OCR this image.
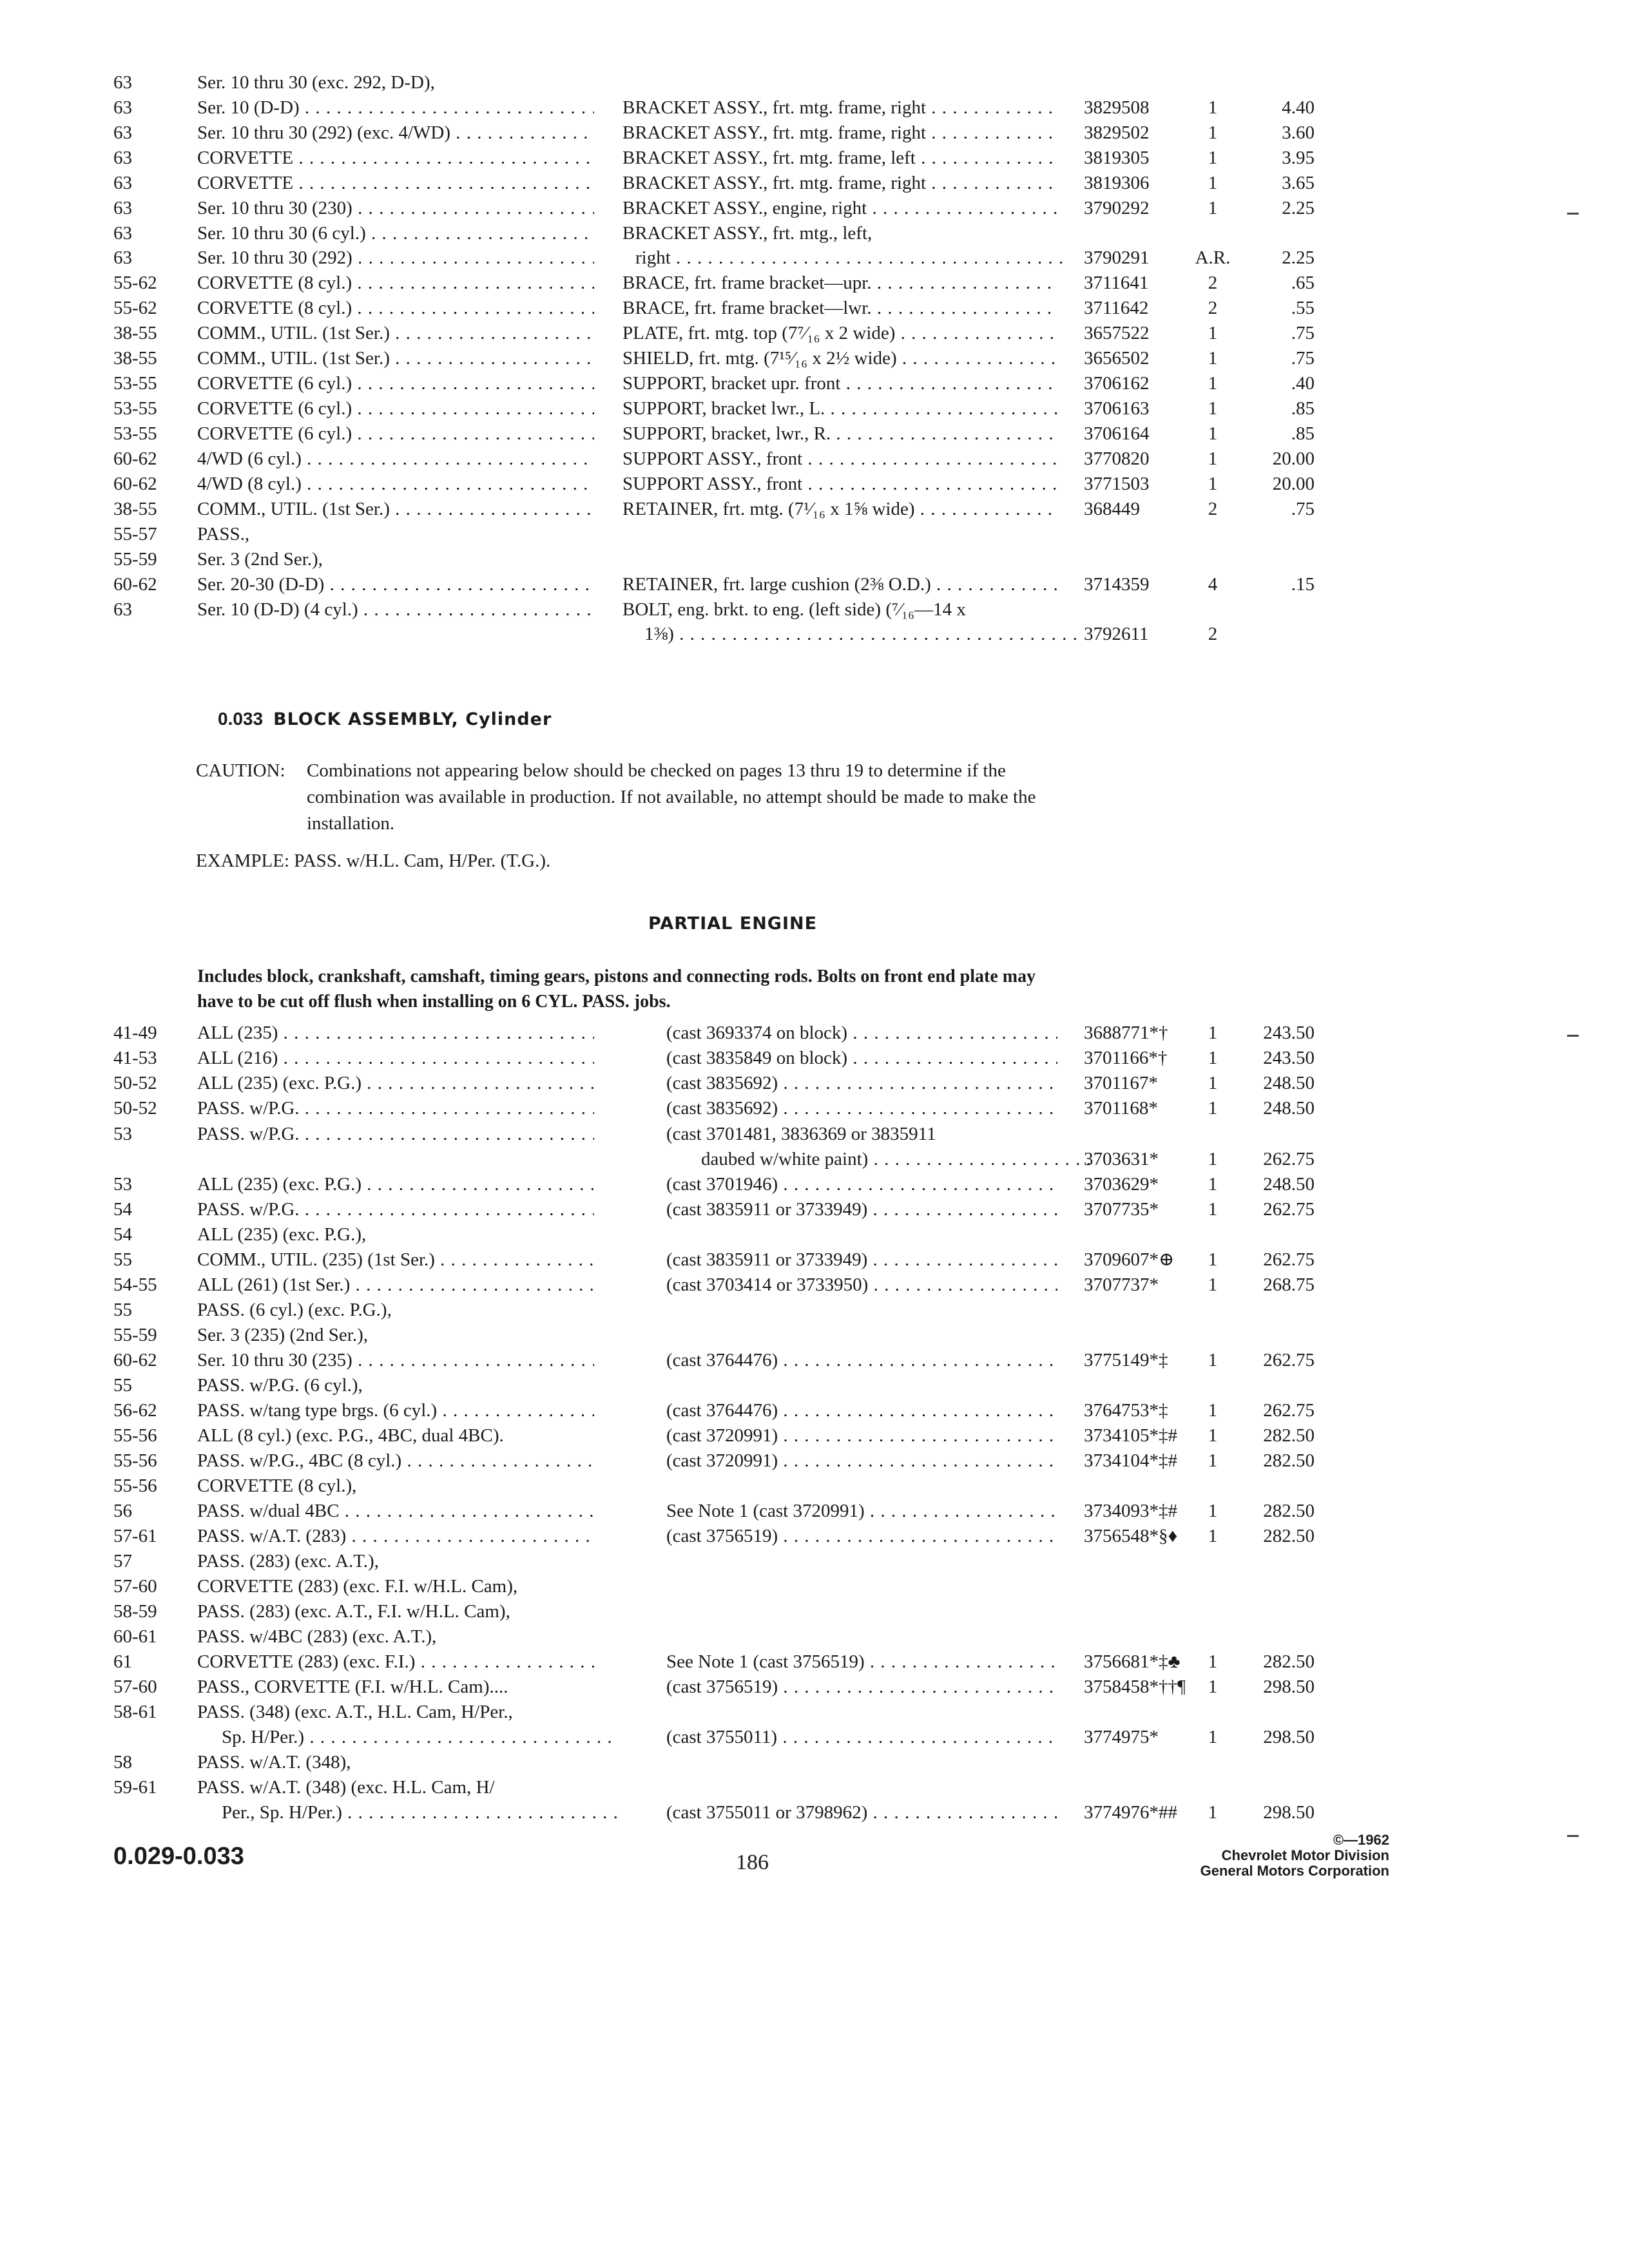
63	Ser. 10 thru 30 (exc. 292, D-D),
63	Ser. 10 (D-D) . . .	BRACKET ASSY., frt. mtg. frame, right . . .	3829508	1	4.40
63	Ser. 10 thru 30 (292) (exc. 4/WD) . . .	BRACKET ASSY., frt. mtg. frame, right . . .	3829502	1	3.60
63	CORVETTE . . .	BRACKET ASSY., frt. mtg. frame, left . . .	3819305	1	3.95
63	CORVETTE . . .	BRACKET ASSY., frt. mtg. frame, right . . .	3819306	1	3.65
63	Ser. 10 thru 30 (230) . . .	BRACKET ASSY., engine, right . . .	3790292	1	2.25
63	Ser. 10 thru 30 (6 cyl.) . . .	BRACKET ASSY., frt. mtg., left,
63	Ser. 10 thru 30 (292) . . .	right . . .	3790291 A.R.	2.25
55-62 CORVETTE (8 cyl.) . . .	BRACE, frt. frame bracket—upr. . . .	3711641	2	.65
55-62 CORVETTE (8 cyl.) . . .	BRACE, frt. frame bracket—lwr. . . .	3711642	2	.55
38-55 COMM., UTIL. (1st Ser.) . . .	PLATE, frt. mtg. top (7⁷⁄₁₆ x 2 wide) . . .	3657522	1	.75
38-55 COMM., UTIL. (1st Ser.) . . .	SHIELD, frt. mtg. (7¹⁵⁄₁₆ x 2½ wide) . . .	3656502	1	.75
53-55 CORVETTE (6 cyl.) . . .	SUPPORT, bracket upr. front . . .	3706162	1	.40
53-55 CORVETTE (6 cyl.) . . .	SUPPORT, bracket lwr., L. . . .	3706163	1	.85
53-55 CORVETTE (6 cyl.) . . .	SUPPORT, bracket, lwr., R. . . .	3706164	1	.85
60-62 4/WD (6 cyl.) . . .	SUPPORT ASSY., front . . .	3770820	1	20.00
60-62 4/WD (8 cyl.) . . .	SUPPORT ASSY., front . . .	3771503	1	20.00
38-55 COMM., UTIL. (1st Ser.) . . .	RETAINER, frt. mtg. (7¹⁄₁₆ x 1⅝ wide) . . .	368449	2	.75
55-57 PASS.,
55-59 Ser. 3 (2nd Ser.),
60-62 Ser. 20-30 (D-D) . . .	RETAINER, frt. large cushion (2⅜ O.D.) . . .	3714359	4	.15
63	Ser. 10 (D-D) (4 cyl.) . . .	BOLT, eng. brkt. to eng. (left side) (⁷⁄₁₆—14 x
1⅜) . . .	3792611	2
0.033 BLOCK ASSEMBLY, Cylinder
CAUTION: Combinations not appearing below should be checked on pages 13 thru 19 to determine if the combination was available in production. If not available, no attempt should be made to make the installation.
EXAMPLE: PASS. w/H.L. Cam, H/Per. (T.G.).
PARTIAL ENGINE
Includes block, crankshaft, camshaft, timing gears, pistons and connecting rods. Bolts on front end plate may have to be cut off flush when installing on 6 CYL. PASS. jobs.
41-49 ALL (235) . . .	(cast 3693374 on block) . . .	3688771*†	1	243.50
41-53 ALL (216) . . .	(cast 3835849 on block) . . .	3701166*†	1	243.50
50-52 ALL (235) (exc. P.G.) . . .	(cast 3835692) . . .	3701167*	1	248.50
50-52 PASS. w/P.G. . . .	(cast 3835692) . . .	3701168*	1	248.50
53	PASS. w/P.G. . . .	(cast 3701481, 3836369 or 3835911
daubed w/white paint) . . .	3703631*	1	262.75
53	ALL (235) (exc. P.G.) . . .	(cast 3701946) . . .	3703629*	1	248.50
54	PASS. w/P.G. . . .	(cast 3835911 or 3733949) . . .	3707735*	1	262.75
54	ALL (235) (exc. P.G.),
55	COMM., UTIL. (235) (1st Ser.) . . .	(cast 3835911 or 3733949) . . .	3709607*⊕	1	262.75
54-55 ALL (261) (1st Ser.) . . .	(cast 3703414 or 3733950) . . .	3707737*	1	268.75
55	PASS. (6 cyl.) (exc. P.G.),
55-59 Ser. 3 (235) (2nd Ser.),
60-62 Ser. 10 thru 30 (235) . . .	(cast 3764476) . . .	3775149*‡	1	262.75
55	PASS. w/P.G. (6 cyl.),
56-62 PASS. w/tang type brgs. (6 cyl.) . . .	(cast 3764476) . . .	3764753*‡	1	262.75
55-56 ALL (8 cyl.) (exc. P.G., 4BC, dual 4BC).	(cast 3720991) . . .	3734105*‡#	1	282.50
55-56 PASS. w/P.G., 4BC (8 cyl.) . . .	(cast 3720991) . . .	3734104*‡#	1	282.50
55-56 CORVETTE (8 cyl.),
56	PASS. w/dual 4BC . . .	See Note 1 (cast 3720991) . . .	3734093*‡#	1	282.50
57-61 PASS. w/A.T. (283) . . .	(cast 3756519) . . .	3756548*§♦	1	282.50
57	PASS. (283) (exc. A.T.),
57-60 CORVETTE (283) (exc. F.I. w/H.L. Cam),
58-59 PASS. (283) (exc. A.T., F.I. w/H.L. Cam),
60-61 PASS. w/4BC (283) (exc. A.T.),
61	CORVETTE (283) (exc. F.I.) . . .	See Note 1 (cast 3756519) . . .	3756681*‡♣	1	282.50
57-60 PASS., CORVETTE (F.I. w/H.L. Cam)....	(cast 3756519) . . .	3758458*††¶	1	298.50
58-61 PASS. (348) (exc. A.T., H.L. Cam, H/Per.,
Sp. H/Per.) . . .	(cast 3755011) . . .	3774975*	1	298.50
58	PASS. w/A.T. (348),
59-61 PASS. w/A.T. (348) (exc. H.L. Cam, H/
Per., Sp. H/Per.) . . .	(cast 3755011 or 3798962) . . .	3774976*##	1	298.50
0.029-0.033	186
©—1962
Chevrolet Motor Division
General Motors Corporation
